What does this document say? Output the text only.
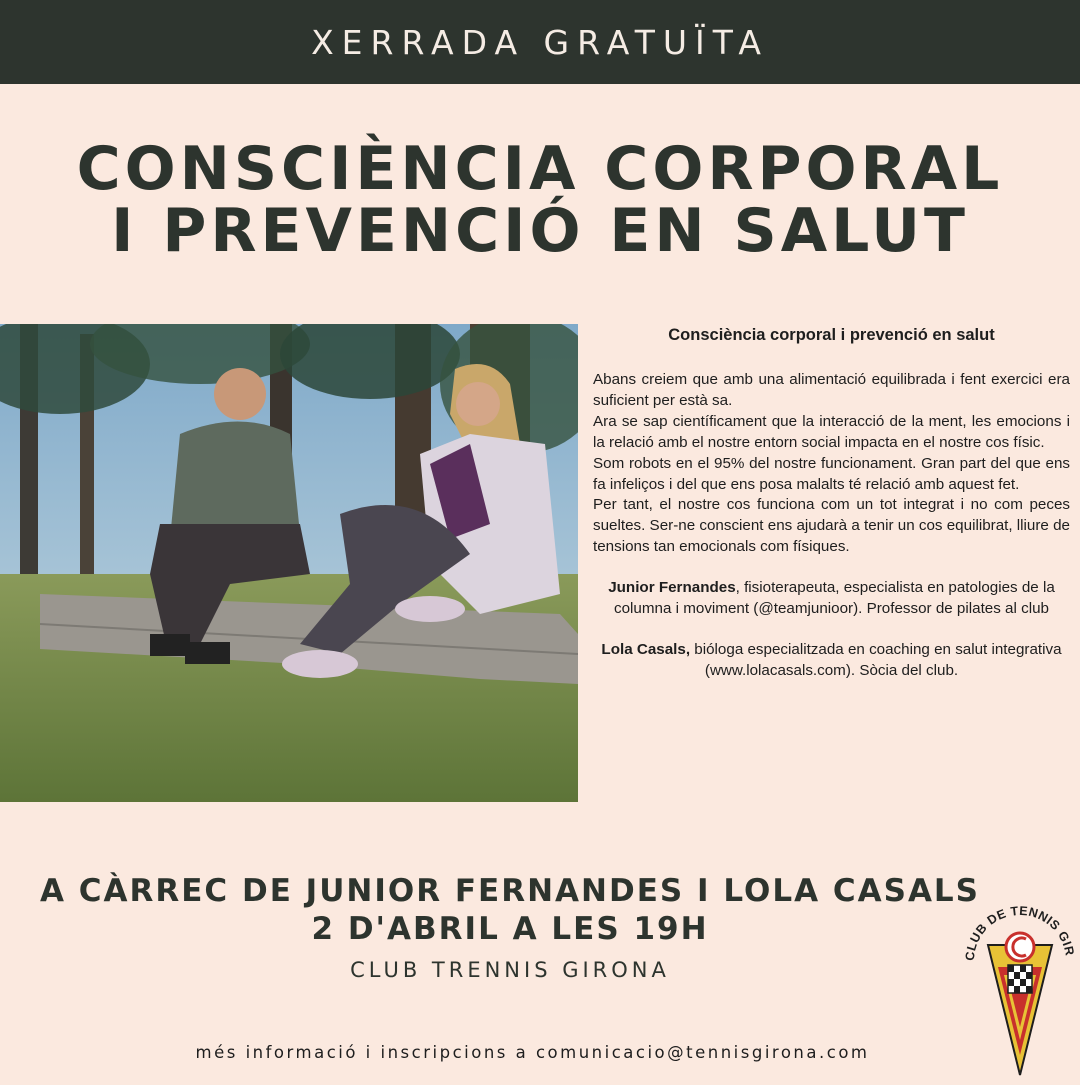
XERRADA GRATUÏTA
CONSCIÈNCIA CORPORAL
I PREVENCIÓ EN SALUT
Consciència corporal i prevenció en salut

Abans creiem que amb una alimentació equilibrada i fent exercici era suficient per està sa.

Ara se sap científicament que la interacció de la ment, les emocions i la relació amb el nostre entorn social impacta en el nostre cos físic.

Som robots en el 95% del nostre funcionament. Gran part del que ens fa infeliços i del que ens posa malalts té relació amb aquest fet.

Per tant, el nostre cos funciona com un tot integrat i no com peces sueltes. Ser-ne conscient ens ajudarà a tenir un cos equilibrat, lliure de tensions tan emocionals com físiques.

Junior Fernandes, fisioterapeuta, especialista en patologies de la columna i moviment (@teamjunioor). Professor de pilates al club

Lola Casals, bióloga especialitzada en coaching en salut integrativa (www.lolacasals.com). Sòcia del club.

A CÀRREC DE JUNIOR FERNANDES I LOLA CASALS
2 D'ABRIL A LES 19H
CLUB TRENNIS GIRONA
més informació i inscripcions a comunicacio@tennisgirona.com
CLUB DE TENNIS GIR
